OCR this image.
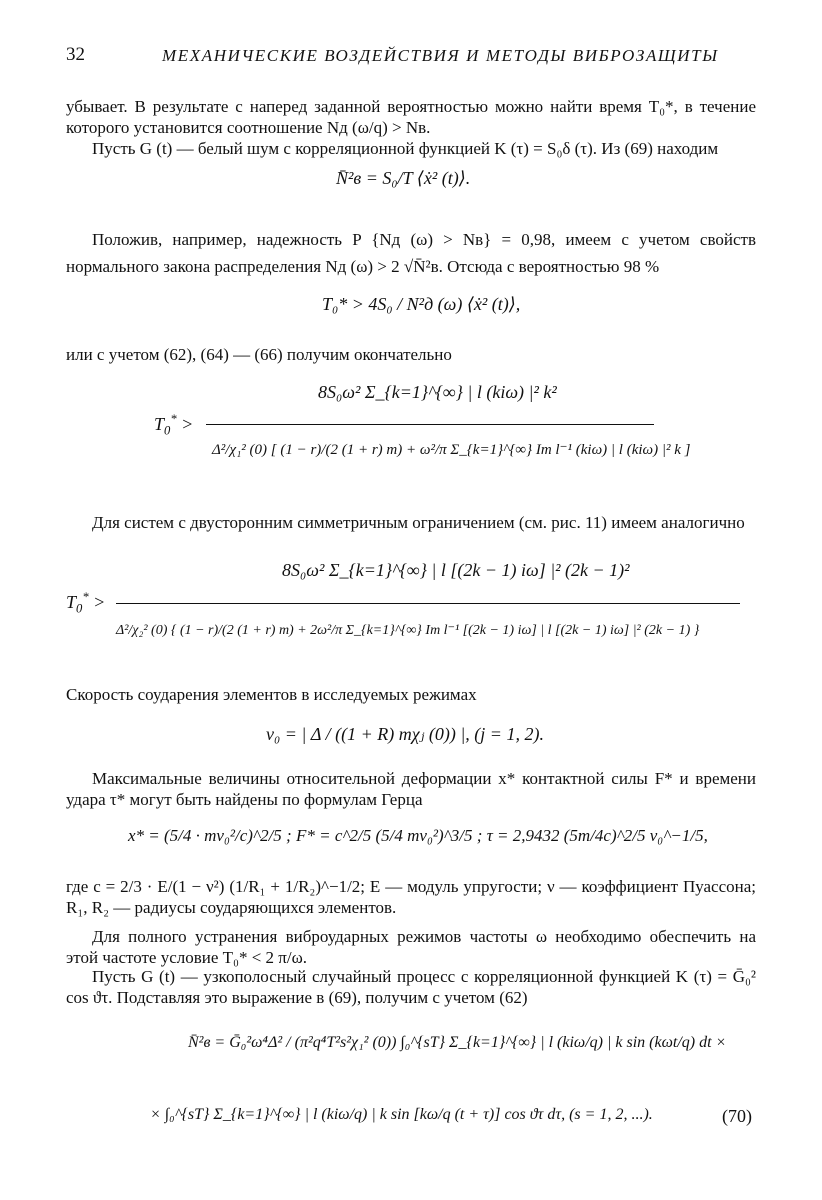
32	МЕХАНИЧЕСКИЕ ВОЗДЕЙСТВИЯ И МЕТОДЫ ВИБРОЗАЩИТЫ

убывает. В результате с наперед заданной вероятностью можно найти время T₀*, в течение которого установится соотношение Nд (ω/q) > Nв.

Пусть G (t) — белый шум с корреляционной функцией K (τ) = S₀δ (τ). Из (69) находим

N̄²в = S₀/T ⟨ẋ² (t)⟩.

Положив, например, надежность P {Nд (ω) > Nв} = 0,98, имеем с учетом свойств нормального закона распределения Nд (ω) > 2 √N̄²в. Отсюда с вероятностью 98 %

T₀* > 4S₀ / N²д (ω) ⟨ẋ² (t)⟩,

или с учетом (62), (64) — (66) получим окончательно

$T_0^*$ >
8S₀ω² Σ_{k=1}^{∞} | l (kiω) |² k²
Δ²/χ₁² (0) [ (1 − r)/(2 (1 + r) m) + ω²/π Σ_{k=1}^{∞} Im l⁻¹ (kiω) | l (kiω) |² k ]

Для систем с двусторонним симметричным ограничением (см. рис. 11) имеем аналогично

$T_0^*$ >
8S₀ω² Σ_{k=1}^{∞} | l [(2k − 1) iω] |² (2k − 1)²
Δ²/χ₂² (0) { (1 − r)/(2 (1 + r) m) + 2ω²/π Σ_{k=1}^{∞} Im l⁻¹ [(2k − 1) iω] | l [(2k − 1) iω] |² (2k − 1) }

Скорость соударения элементов в исследуемых режимах

v₀ = | Δ / ((1 + R) mχⱼ (0)) |, (j = 1, 2).

Максимальные величины относительной деформации x* контактной силы F* и времени удара τ* могут быть найдены по формулам Герца

x* = (5/4 · mv₀²/c)^2/5 ; F* = c^2/5 (5/4 mv₀²)^3/5 ; τ = 2,9432 (5m/4c)^2/5 v₀^−1/5,

где c = 2/3 · E/(1 − ν²) (1/R₁ + 1/R₂)^−1/2; E — модуль упругости; ν — коэффициент Пуассона; R₁, R₂ — радиусы соударяющихся элементов.

Для полного устранения виброударных режимов частоты ω необходимо обеспечить на этой частоте условие T₀* < 2 π/ω.

Пусть G (t) — узкополосный случайный процесс с корреляционной функцией K (τ) = Ḡ₀² cos ϑτ. Подставляя это выражение в (69), получим с учетом (62)

N̄²в = Ḡ₀²ω⁴Δ² / (π²q⁴T²s²χ₁² (0)) ∫₀^{sT} Σ_{k=1}^{∞} | l (kiω/q) | k sin (kωt/q) dt ×
× ∫₀^{sT} Σ_{k=1}^{∞} | l (kiω/q) | k sin [kω/q (t + τ)] cos ϑτ dτ, (s = 1, 2, ...).	(70)
